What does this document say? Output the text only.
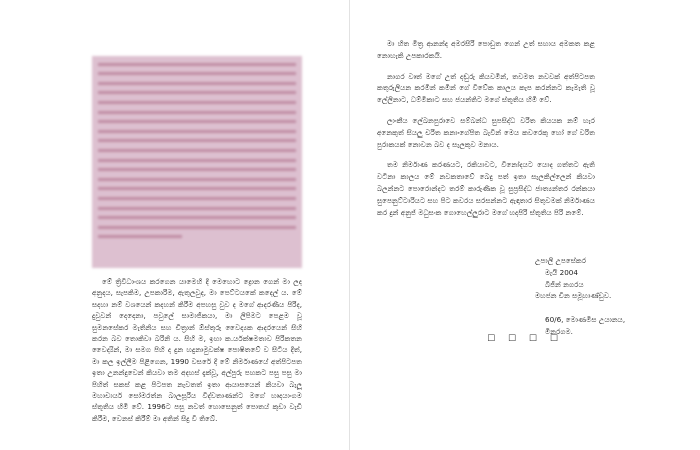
මේ ත්‍රිවිධාංශය කරගෙන යාමෙහි දී මෙහොට ද්‍රොන ගෙන් මා ලද අනුදය, සැපකිම, උපකාරිම, ඇතුලවුද, මා පෙට්ටයකේ කදෙල් ය. මේ සදහා නම් වශයෙන් කදහන් කිරීම අපහසු වුව ද මගේ ආදරණීය පිරිද, දුවුවන් දෙදෙනා, පවුලේ සාමාජිකයා, මා ලිපිමට පෙළම වූ සුමනසේකර මැතිනිය සහ චිත්‍රාන් ඕස්තුරු වෛද්‍යක ආදරයෙන් සිහි කරන බව තොකිවා බරිනි ය. සිහි ම, ඉහා ක.ර්යක්ෂමතාව පිරිකතන වෛද්‍යීන්, මා සමග පිහි ද දුන හදුනාමුවක්ෂ පොෂිතවේ ව සිටිය දීත්, මා කල ඉල්ලීම පිළිගෙන, 1990 වසරේ දී මේ නිර්මාණයේ අත්පිටපත ඉතා උනන්දුවෙන් කියවා තම අදහස් දැක්වූ, අල්පුරු පහකට පසු පසු මා පිහිත් සකස් කළ පිටපත නැවතත් ඉතා ආයාසයෙන් කියවා බැලූ මහාචාර්ය සෝමරත්න බාලසූරිය විද්වතාණන්ට මගේ හෘදයාංගම ස්තූතිය හිමි වේ. 1996ට පසු නවත් හොසෙනුත් පොතය් කුඩා වැඩි කිරීම, වෙනස් කිරීම් මා අතින් සිදු වී තිබේ.

☐ ☐ ☐ ☐

මා හිත මිත්‍ර ආනන්ද අමරසිරි පොඩුත ගෙන් උත් සහාය අමකත කළ නොහැකි උපකාරකයි.

නාගර වෘත් මගේ උත් දඬුරු කියවමින්, තවමත නවවක් අත්පිටපත කතුරුලියන කරමින් කමින් ගේ විවේක කාලය කැප කරන්නට කැමැති වූ ලේලිනාට, ධම්මිකාට සහ ජයන්තිට මගේ ස්තූතිය හිමි වේ.

ලාංකීය ලේඛනපුරාවෙ සම්බන්ධ සුපසිද්ධ වරිත කියයක නම් හැර අනෙකුත් සියලු චරිත කනාංගේපිත බැවින් මෙය කවරෙකු හෝ ගේ වරිත පුරාකයක් නොවන බව ද සැලකුව මනාය.

තම නිර්මාණ කරණයට, රකියාවට, විනෝදයට යොද ගත්තට ඇති වටිනා කාලය මේ නවකතාවේ බෙදු පත් ඉතා සැලකිල්ලෙන් කියවා බලන්නට පොරොන්දට තරම් කාරුණික වූ සුප්‍රසිද්ධ ජාත්‍යන්තර රන්කයා සුපෙනුට්ටාරියට සහ පිට කවරය සරසන්නට ඇඳාතාර සිතුවමක් නිර්මාණය කර දුන් අනුජ් මධුසංක ගොහෙල්ලුරාට මගේ හදපිරි ස්තූතිය පිරි නමේ.

උපාලි උපසේකර
මැයි 2004
බිජින් නගරය
මහජන චීන සමූහාණ්ඩුව.
60/6, මොණමිස උයානය,
මිනරගම.
